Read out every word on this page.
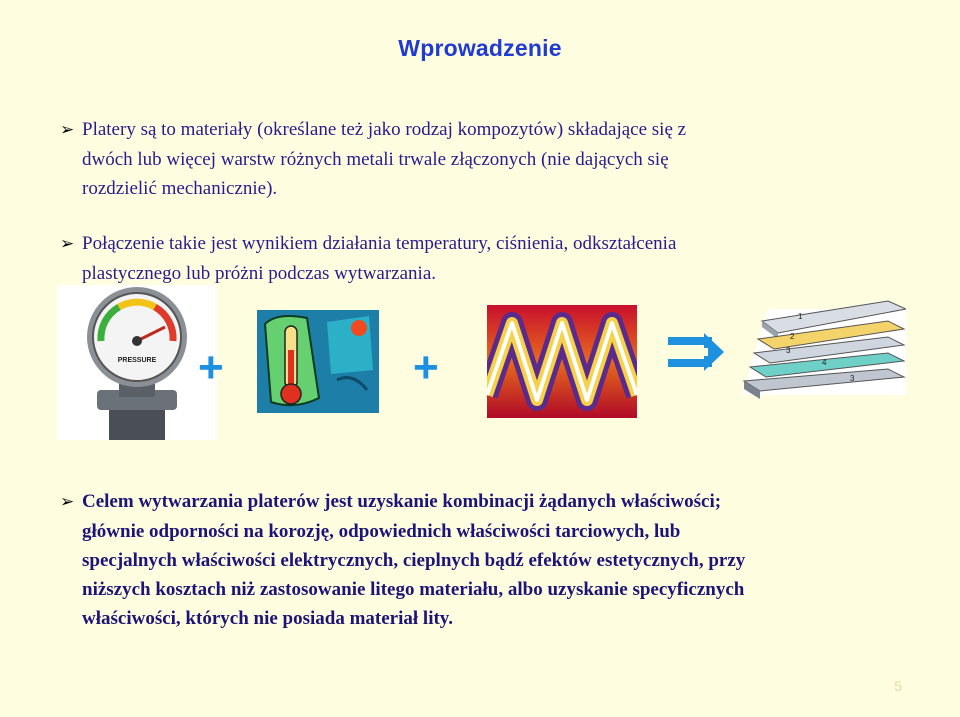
Wprowadzenie
➢ Platery są to materiały (określane też jako rodzaj kompozytów) składające się z
dwóch lub więcej warstw różnych metali trwale złączonych (nie dających się
rozdzielić mechanicznie).
➢ Połączenie takie jest wynikiem działania temperatury, ciśnienia, odkształcenia
plastycznego lub próżni podczas wytwarzania.
PRESSURE +	+
1
2
3
4
3
➢ Celem wytwarzania platerów jest uzyskanie kombinacji żądanych właściwości;
głównie odporności na korozję, odpowiednich właściwości tarciowych, lub
specjalnych właściwości elektrycznych, cieplnych bądź efektów estetycznych, przy
niższych kosztach niż zastosowanie litego materiału, albo uzyskanie specyficznych
właściwości, których nie posiada materiał lity.
5
